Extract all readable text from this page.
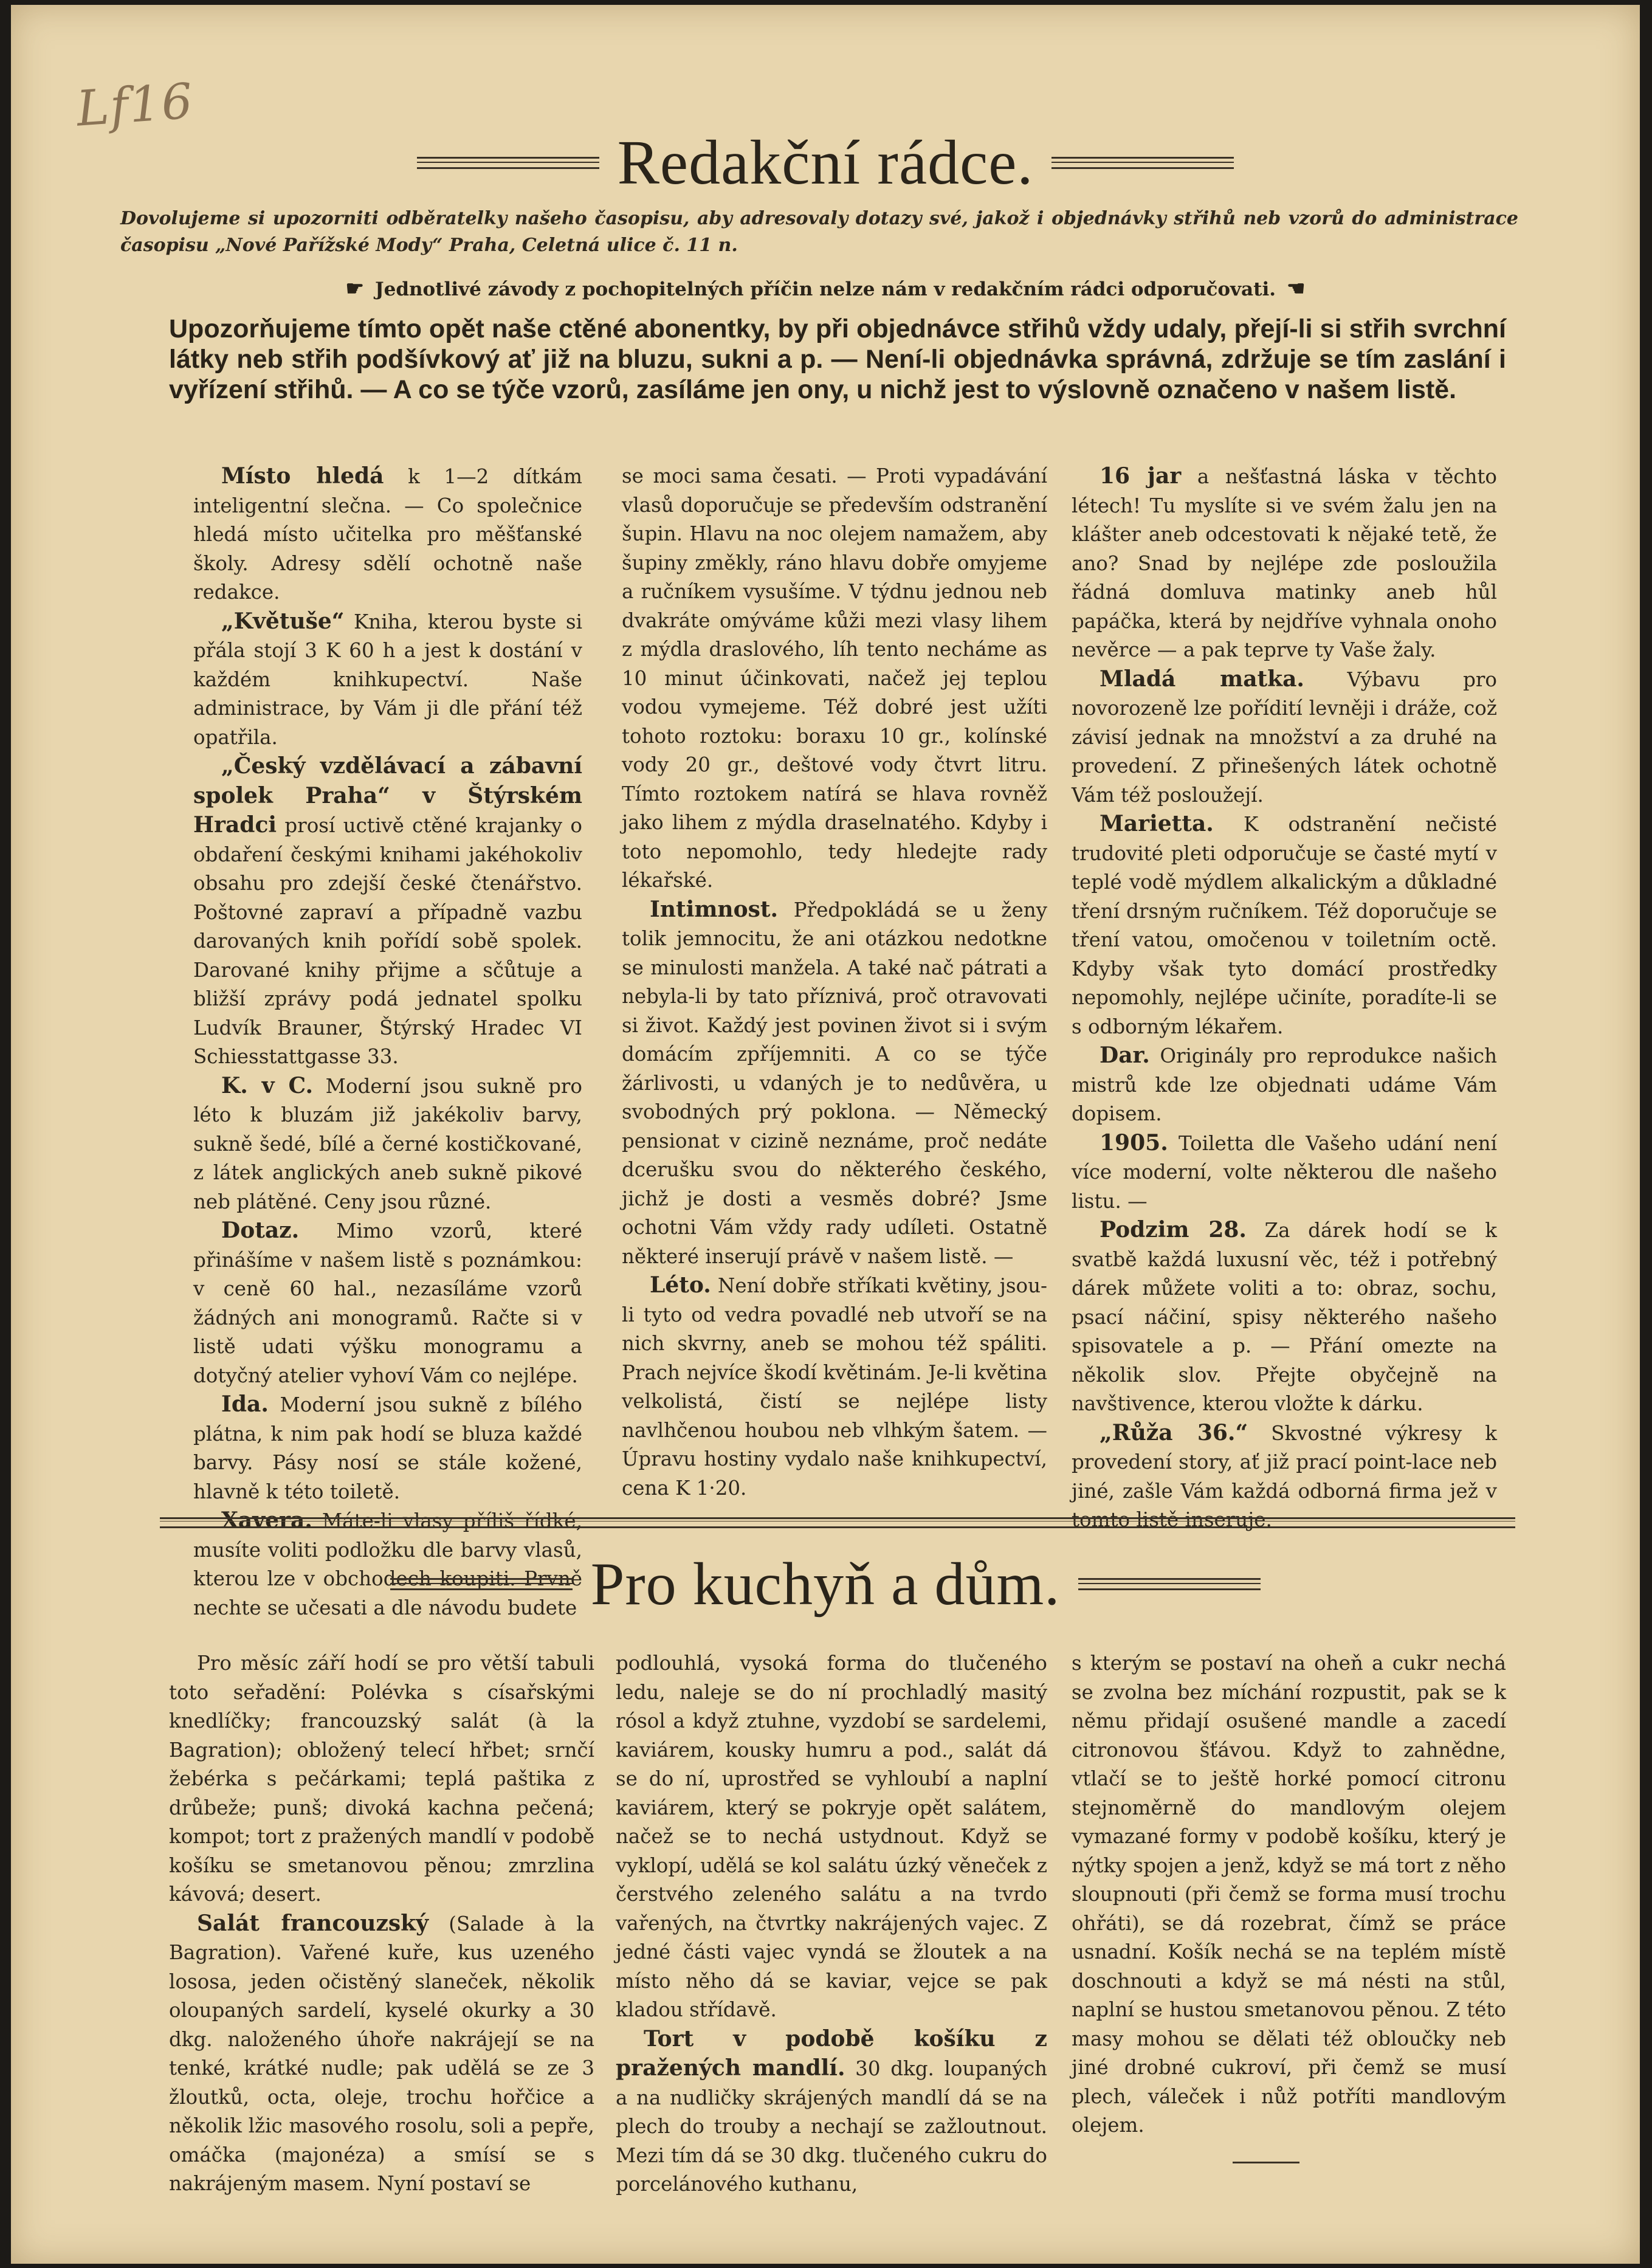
Lf16
Redakční rádce.
Dovolujeme si upozorniti odběratelky našeho časopisu, aby adresovaly dotazy své, jakož i objednávky střihů neb vzorů do administrace časopisu „Nové Pařížské Mody“ Praha, Celetná ulice č. 11 n.
☛ Jednotlivé závody z pochopitelných příčin nelze nám v redakčním rádci odporučovati. ☚
Upozorňujeme tímto opět naše ctěné abonentky, by při objednávce střihů vždy udaly, přejí-li si střih svrchní látky neb střih podšívkový ať již na bluzu, sukni a p. — Není-li objednávka správná, zdržuje se tím zaslání i vyřízení střihů. — A co se týče vzorů, zasíláme jen ony, u nichž jest to výslovně označeno v našem listě.

Místo hledá k 1—2 dítkám inteligentní slečna. — Co společnice hledá místo učitelka pro měšťanské školy. Adresy sdělí ochotně naše redakce.

„Květuše“ Kniha, kterou byste si přála stojí 3 K 60 h a jest k dostání v každém knihkupectví. Naše administrace, by Vám ji dle přání též opatřila.

„Český vzdělávací a zábavní spolek Praha“ v Štýrském Hradci prosí uctivě ctěné krajanky o obdaření českými knihami jakéhokoliv obsahu pro zdejší české čtenářstvo. Poštovné zapraví a případně vazbu darovaných knih pořídí sobě spolek. Darované knihy přijme a sčůtuje a bližší zprávy podá jednatel spolku Ludvík Brauner, Štýrský Hradec VI Schiesstattgasse 33.

K. v C. Moderní jsou sukně pro léto k bluzám již jakékoliv barvy, sukně šedé, bílé a černé kostičkované, z látek anglických aneb sukně pikové neb plátěné. Ceny jsou různé.

Dotaz. Mimo vzorů, které přinášíme v našem listě s poznámkou: v ceně 60 hal., nezasíláme vzorů žádných ani monogramů. Račte si v listě udati výšku monogramu a dotyčný atelier vyhoví Vám co nejlépe.

Ida. Moderní jsou sukně z bílého plátna, k nim pak hodí se bluza každé barvy. Pásy nosí se stále kožené, hlavně k této toiletě.

Xavera. Máte-li vlasy příliš řídké, musíte voliti podložku dle barvy vlasů, kterou lze v obchodech koupiti. Prvně nechte se učesati a dle návodu budete

se moci sama česati. — Proti vypadávání vlasů doporučuje se především odstranění šupin. Hlavu na noc olejem namažem, aby šupiny změkly, ráno hlavu dobře omyjeme a ručníkem vysušíme. V týdnu jednou neb dvakráte omýváme kůži mezi vlasy lihem z mýdla draslového, líh tento necháme as 10 minut účinkovati, načež jej teplou vodou vymejeme. Též dobré jest užíti tohoto roztoku: boraxu 10 gr., kolínské vody 20 gr., deštové vody čtvrt litru. Tímto roztokem natírá se hlava rovněž jako lihem z mýdla draselnatého. Kdyby i toto nepomohlo, tedy hledejte rady lékařské.

Intimnost. Předpokládá se u ženy tolik jemnocitu, že ani otázkou nedotkne se minulosti manžela. A také nač pátrati a nebyla-li by tato příznivá, proč otravovati si život. Každý jest povinen život si i svým domácím zpříjemniti. A co se týče žárlivosti, u vdaných je to nedůvěra, u svobodných prý poklona. — Německý pensionat v cizině neznáme, proč nedáte dcerušku svou do některého českého, jichž je dosti a vesměs dobré? Jsme ochotni Vám vždy rady udíleti. Ostatně některé inserují právě v našem listě. —

Léto. Není dobře stříkati květiny, jsou-li tyto od vedra povadlé neb utvoří se na nich skvrny, aneb se mohou též spáliti. Prach nejvíce škodí květinám. Je-li květina velkolistá, čistí se nejlépe listy navlhčenou houbou neb vlhkým šatem. — Úpravu hostiny vydalo naše knihkupectví, cena K 1·20.

16 jar a nešťastná láska v těchto létech! Tu myslíte si ve svém žalu jen na klášter aneb odcestovati k nějaké tetě, že ano? Snad by nejlépe zde posloužila řádná domluva matinky aneb hůl papáčka, která by nejdříve vyhnala onoho nevěrce — a pak teprve ty Vaše žaly.

Mladá matka. Výbavu pro novorozeně lze pořídití levněji i dráže, což závisí jednak na množství a za druhé na provedení. Z přinešených látek ochotně Vám též posloužejí.

Marietta. K odstranění nečisté trudovité pleti odporučuje se časté mytí v teplé vodě mýdlem alkalickým a důkladné tření drsným ručníkem. Též doporučuje se tření vatou, omočenou v toiletním octě. Kdyby však tyto domácí prostředky nepomohly, nejlépe učiníte, poradíte-li se s odborným lékařem.

Dar. Originály pro reprodukce našich mistrů kde lze objednati udáme Vám dopisem.

1905. Toiletta dle Vašeho udání není více moderní, volte některou dle našeho listu. —

Podzim 28. Za dárek hodí se k svatbě každá luxusní věc, též i potřebný dárek můžete voliti a to: obraz, sochu, psací náčiní, spisy některého našeho spisovatele a p. — Přání omezte na několik slov. Přejte obyčejně na navštivence, kterou vložte k dárku.

„Růža 36.“ Skvostné výkresy k provedení story, ať již prací point-lace neb jiné, zašle Vám každá odborná firma jež v tomto listě inseruje.

Pro kuchyň a dům.

Pro měsíc září hodí se pro větší tabuli toto seřadění: Polévka s císařskými knedlíčky; francouzský salát (à la Bagration); obložený telecí hřbet; srnčí žebérka s pečárkami; teplá paštika z drůbeže; punš; divoká kachna pečená; kompot; tort z pražených mandlí v podobě košíku se smetanovou pěnou; zmrzlina kávová; desert.

Salát francouzský (Salade à la Bagration). Vařené kuře, kus uzeného lososa, jeden očistěný slaneček, několik oloupaných sardelí, kyselé okurky a 30 dkg. naloženého úhoře nakrájejí se na tenké, krátké nudle; pak udělá se ze 3 žloutků, octa, oleje, trochu hořčice a několik lžic masového rosolu, soli a pepře, omáčka (majonéza) a smísí se s nakrájeným masem. Nyní postaví se

podlouhlá, vysoká forma do tlučeného ledu, naleje se do ní prochladlý masitý rósol a když ztuhne, vyzdobí se sardelemi, kaviárem, kousky humru a pod., salát dá se do ní, uprostřed se vyhloubí a naplní kaviárem, který se pokryje opět salátem, načež se to nechá ustydnout. Když se vyklopí, udělá se kol salátu úzký věneček z čerstvého zeleného salátu a na tvrdo vařených, na čtvrtky nakrájených vajec. Z jedné části vajec vyndá se žloutek a na místo něho dá se kaviar, vejce se pak kladou střídavě.

Tort v podobě košíku z pražených mandlí. 30 dkg. loupaných a na nudličky skrájených mandlí dá se na plech do trouby a nechají se zažloutnout. Mezi tím dá se 30 dkg. tlučeného cukru do porcelánového kuthanu,

s kterým se postaví na oheň a cukr nechá se zvolna bez míchání rozpustit, pak se k němu přidají osušené mandle a zacedí citronovou šťávou. Když to zahnědne, vtlačí se to ještě horké pomocí citronu stejnoměrně do mandlovým olejem vymazané formy v podobě košíku, který je nýtky spojen a jenž, když se má tort z něho sloupnouti (při čemž se forma musí trochu ohřáti), se dá rozebrat, čímž se práce usnadní. Košík nechá se na teplém místě doschnouti a když se má nésti na stůl, naplní se hustou smetanovou pěnou. Z této masy mohou se dělati též obloučky neb jiné drobné cukroví, při čemž se musí plech, váleček i nůž potříti mandlovým olejem.
